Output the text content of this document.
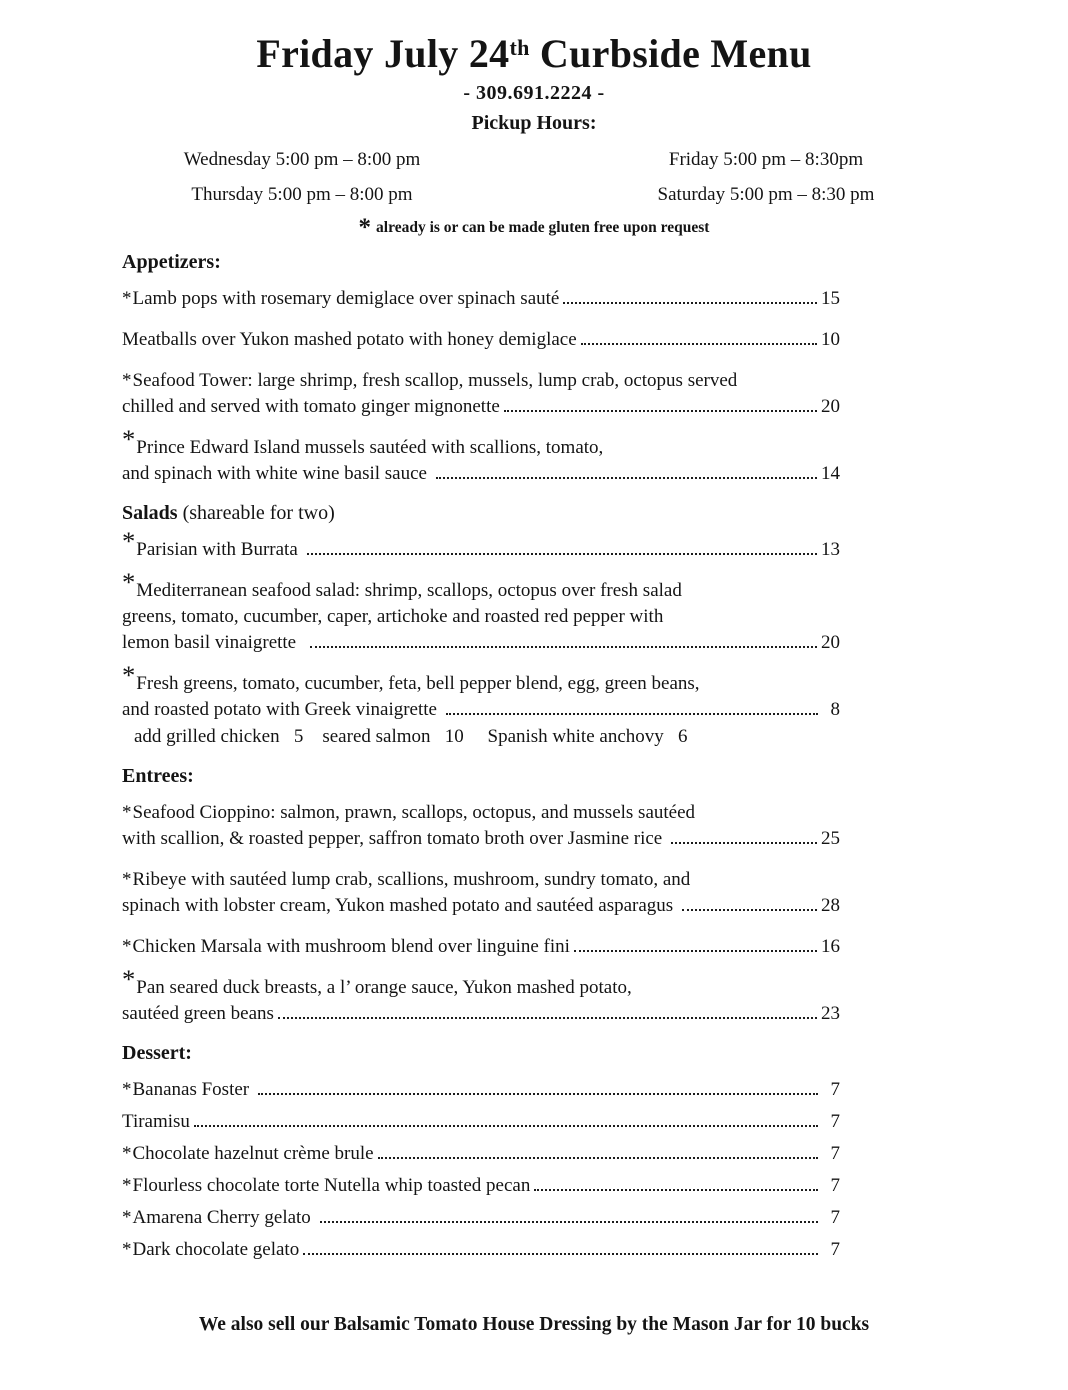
Friday July 24th Curbside Menu
- 309.691.2224 -
Pickup Hours:
Wednesday 5:00 pm – 8:00 pm	Friday 5:00 pm – 8:30pm
Thursday 5:00 pm – 8:00 pm	Saturday 5:00 pm – 8:30 pm
* already is or can be made gluten free upon request
Appetizers:
*Lamb pops with rosemary demiglace over spinach sauté	15
Meatballs over Yukon mashed potato with honey demiglace	10
*Seafood Tower: large shrimp, fresh scallop, mussels, lump crab, octopus served
chilled and served with tomato ginger mignonette	20
*Prince Edward Island mussels sautéed with scallions, tomato,
and spinach with white wine basil sauce	14
Salads (shareable for two)
*Parisian with Burrata	13
*Mediterranean seafood salad: shrimp, scallops, octopus over fresh salad
greens, tomato, cucumber, caper, artichoke and roasted red pepper with
lemon basil vinaigrette	20
*Fresh greens, tomato, cucumber, feta, bell pepper blend, egg, green beans,
and roasted potato with Greek vinaigrette	8
add grilled chicken   5    seared salmon   10     Spanish white anchovy   6
Entrees:
*Seafood Cioppino: salmon, prawn, scallops, octopus, and mussels sautéed
with scallion, & roasted pepper, saffron tomato broth over Jasmine rice	25
*Ribeye with sautéed lump crab, scallions, mushroom, sundry tomato, and
spinach with lobster cream, Yukon mashed potato and sautéed asparagus	28
*Chicken Marsala with mushroom blend over linguine fini	16
*Pan seared duck breasts, a l’ orange sauce, Yukon mashed potato,
sautéed green beans	23
Dessert:
*Bananas Foster	7
Tiramisu	7
*Chocolate hazelnut crème brule	7
*Flourless chocolate torte Nutella whip toasted pecan	7
*Amarena Cherry gelato	7
*Dark chocolate gelato	7
We also sell our Balsamic Tomato House Dressing by the Mason Jar for 10 bucks
